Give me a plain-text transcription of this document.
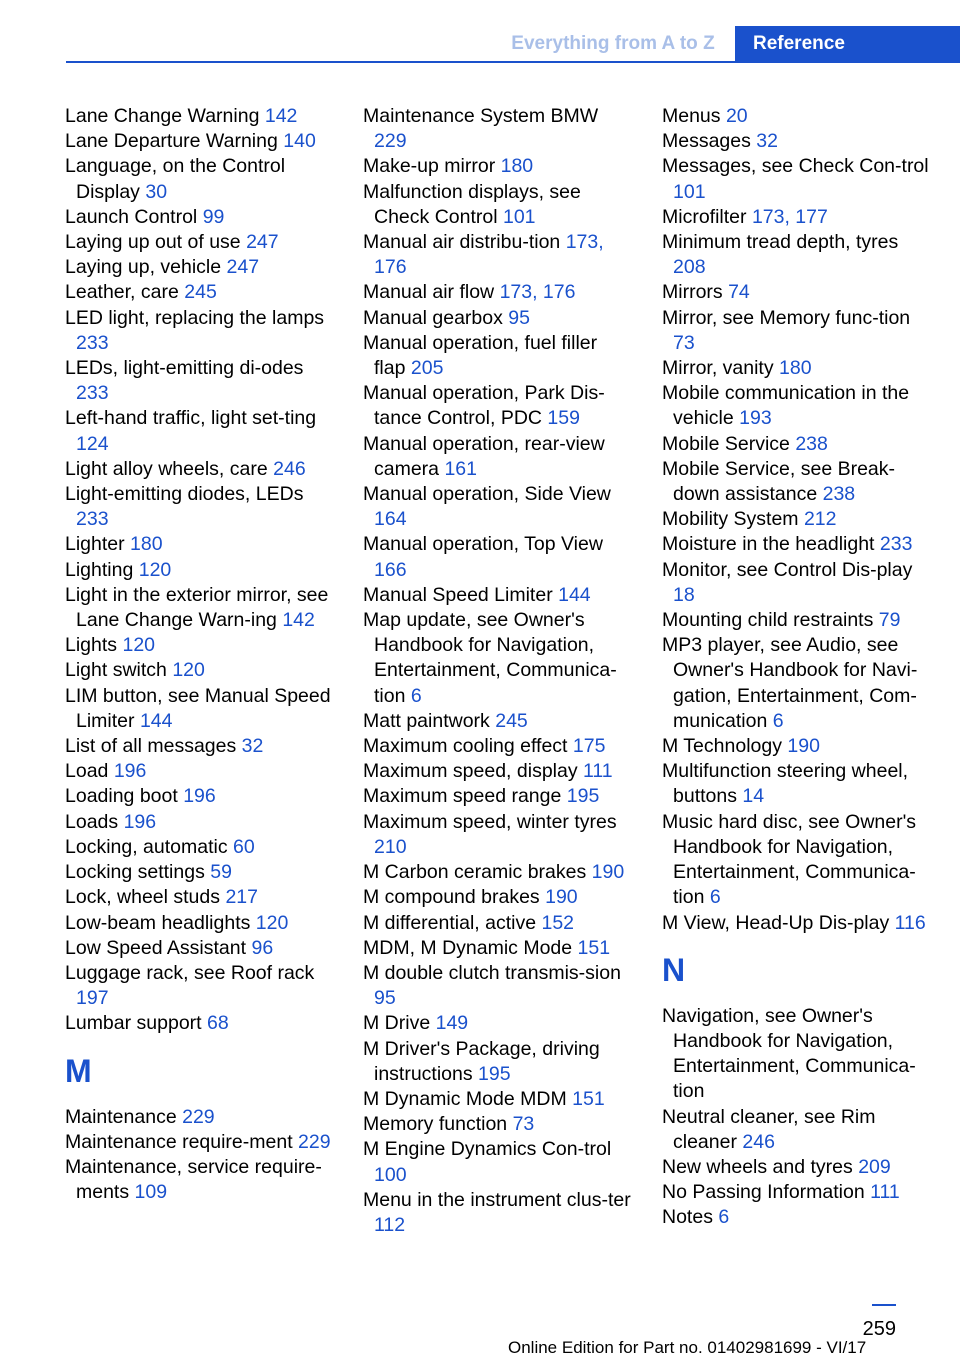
Everything from A to Z	Reference
Lane Change Warning 142
Lane Departure Warning 140
Language, on the Control Display 30
Launch Control 99
Laying up out of use 247
Laying up, vehicle 247
Leather, care 245
LED light, replacing the lamps 233
LEDs, light‐emitting di‐odes 233
Left-hand traffic, light set‐ting 124
Light alloy wheels, care 246
Light-emitting diodes, LEDs 233
Lighter 180
Lighting 120
Light in the exterior mirror, see Lane Change Warn‐ing 142
Lights 120
Light switch 120
LIM button, see Manual Speed Limiter 144
List of all messages 32
Load 196
Loading boot 196
Loads 196
Locking, automatic 60
Locking settings 59
Lock, wheel studs 217
Low-beam headlights 120
Low Speed Assistant 96
Luggage rack, see Roof rack 197
Lumbar support 68
M
Maintenance 229
Maintenance require‐ment 229
Maintenance, service require‐ments 109
Maintenance System BMW 229
Make-up mirror 180
Malfunction displays, see Check Control 101
Manual air distribu‐tion 173, 176
Manual air flow 173, 176
Manual gearbox 95
Manual operation, fuel filler flap 205
Manual operation, Park Dis‐tance Control, PDC 159
Manual operation, rear-view camera 161
Manual operation, Side View 164
Manual operation, Top View 166
Manual Speed Limiter 144
Map update, see Owner's Handbook for Navigation, Entertainment, Communica‐tion 6
Matt paintwork 245
Maximum cooling effect 175
Maximum speed, display 111
Maximum speed range 195
Maximum speed, winter tyres 210
M Carbon ceramic brakes 190
M compound brakes 190
M differential, active 152
MDM, M Dynamic Mode 151
M double clutch transmis‐sion 95
M Drive 149
M Driver's Package, driving instructions 195
M Dynamic Mode MDM 151
Memory function 73
M Engine Dynamics Con‐trol 100
Menu in the instrument clus‐ter 112
Menus 20
Messages 32
Messages, see Check Con‐trol 101
Microfilter 173, 177
Minimum tread depth, tyres 208
Mirrors 74
Mirror, see Memory func‐tion 73
Mirror, vanity 180
Mobile communication in the vehicle 193
Mobile Service 238
Mobile Service, see Break‐down assistance 238
Mobility System 212
Moisture in the headlight 233
Monitor, see Control Dis‐play 18
Mounting child restraints 79
MP3 player, see Audio, see Owner's Handbook for Navi‐gation, Entertainment, Com‐munication 6
M Technology 190
Multifunction steering wheel, buttons 14
Music hard disc, see Owner's Handbook for Navigation, Entertainment, Communica‐tion 6
M View, Head-Up Dis‐play 116
N
Navigation, see Owner's Handbook for Navigation, Entertainment, Communica‐tion
Neutral cleaner, see Rim cleaner 246
New wheels and tyres 209
No Passing Information 111
Notes 6
259
Online Edition for Part no. 01402981699 - VI/17
